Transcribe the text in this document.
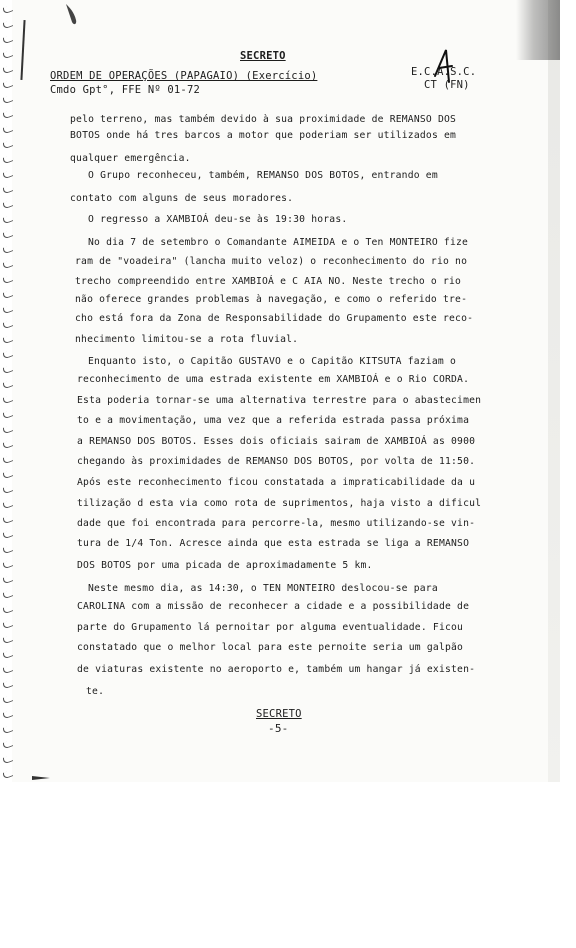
SECRETO
ORDEM DE OPERAÇÕES (PAPAGAIO) (Exercício)
Cmdo Gpt°, FFE Nº 01-72
E.C.A.S.C.
CT (FN)
pelo terreno, mas também devido à sua proximidade de REMANSO DOS
BOTOS onde há tres barcos a motor que poderiam ser utilizados em
qualquer emergência.
O Grupo reconheceu, também, REMANSO DOS BOTOS, entrando em
contato com alguns de seus moradores.
O regresso a XAMBIOÁ deu-se às 19:30 horas.
No dia 7 de setembro o Comandante AIMEIDA e o Ten MONTEIRO fize
ram de "voadeira" (lancha muito veloz) o reconhecimento do rio no
trecho compreendido entre XAMBIOÁ e C AIA NO. Neste trecho o rio
não oferece grandes problemas à navegação, e como o referido tre-
cho está fora da Zona de Responsabilidade do Grupamento este reco-
nhecimento limitou-se a rota fluvial.
Enquanto isto, o Capitão GUSTAVO e o Capitão KITSUTA faziam o
reconhecimento de uma estrada existente em XAMBIOÁ e o Rio CORDA.
Esta poderia tornar-se uma alternativa terrestre para o abastecimen
to e a movimentação, uma vez que a referida estrada passa próxima
a REMANSO DOS BOTOS. Esses dois oficiais sairam de XAMBIOÁ as 0900
chegando às proximidades de REMANSO DOS BOTOS, por volta de 11:50.
Após este reconhecimento ficou constatada a impraticabilidade da u
tilização d esta via como rota de suprimentos, haja visto a dificul
dade que foi encontrada para percorre-la, mesmo utilizando-se vin-
tura de 1/4 Ton. Acresce ainda que esta estrada se liga a REMANSO
DOS BOTOS por uma picada de aproximadamente 5 km.
Neste mesmo dia, as 14:30, o TEN MONTEIRO deslocou-se para
CAROLINA com a missão de reconhecer a cidade e a possibilidade de
parte do Grupamento lá pernoitar por alguma eventualidade. Ficou
constatado que o melhor local para este pernoite seria um galpão
de viaturas existente no aeroporto e, também um hangar já existen-
te.
SECRETO
-5-
